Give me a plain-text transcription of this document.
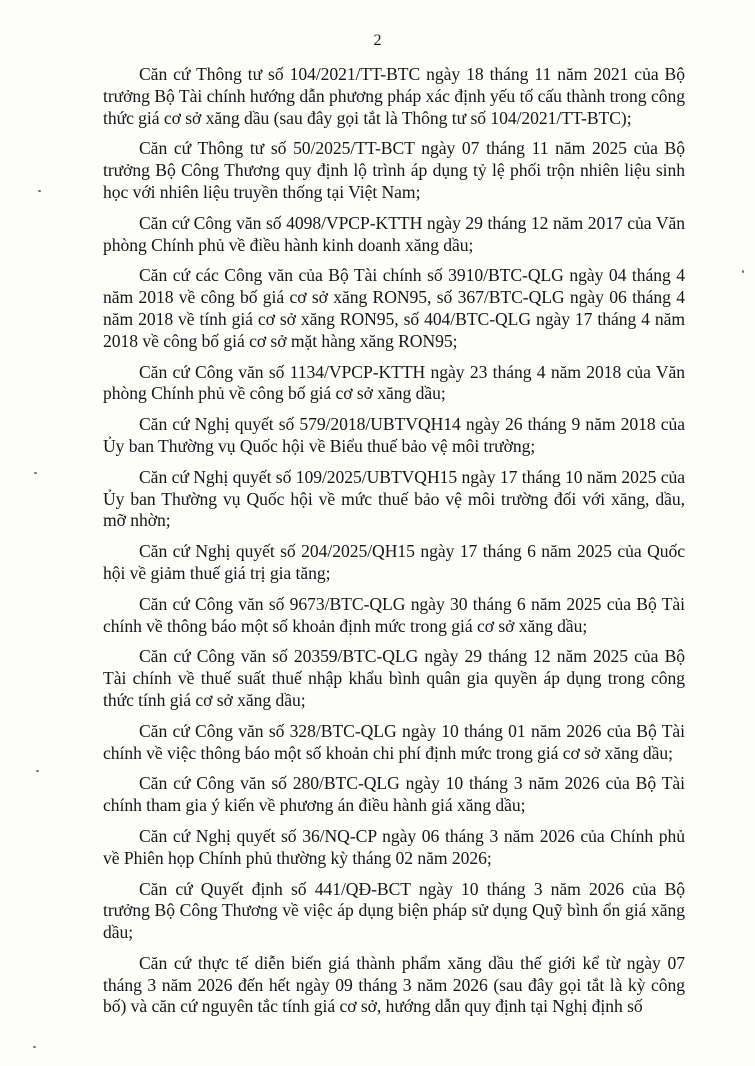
2

Căn cứ Thông tư số 104/2021/TT-BTC ngày 18 tháng 11 năm 2021 của Bộ trưởng Bộ Tài chính hướng dẫn phương pháp xác định yếu tố cấu thành trong công thức giá cơ sở xăng dầu (sau đây gọi tắt là Thông tư số 104/2021/TT-BTC);

Căn cứ Thông tư số 50/2025/TT-BCT ngày 07 tháng 11 năm 2025 của Bộ trưởng Bộ Công Thương quy định lộ trình áp dụng tỷ lệ phối trộn nhiên liệu sinh học với nhiên liệu truyền thống tại Việt Nam;

Căn cứ Công văn số 4098/VPCP-KTTH ngày 29 tháng 12 năm 2017 của Văn phòng Chính phủ về điều hành kinh doanh xăng dầu;

Căn cứ các Công văn của Bộ Tài chính số 3910/BTC-QLG ngày 04 tháng 4 năm 2018 về công bố giá cơ sở xăng RON95, số 367/BTC-QLG ngày 06 tháng 4 năm 2018 về tính giá cơ sở xăng RON95, số 404/BTC-QLG ngày 17 tháng 4 năm 2018 về công bố giá cơ sở mặt hàng xăng RON95;

Căn cứ Công văn số 1134/VPCP-KTTH ngày 23 tháng 4 năm 2018 của Văn phòng Chính phủ về công bố giá cơ sở xăng dầu;

Căn cứ Nghị quyết số 579/2018/UBTVQH14 ngày 26 tháng 9 năm 2018 của Ủy ban Thường vụ Quốc hội về Biểu thuế bảo vệ môi trường;

Căn cứ Nghị quyết số 109/2025/UBTVQH15 ngày 17 tháng 10 năm 2025 của Ủy ban Thường vụ Quốc hội về mức thuế bảo vệ môi trường đối với xăng, dầu, mỡ nhờn;

Căn cứ Nghị quyết số 204/2025/QH15 ngày 17 tháng 6 năm 2025 của Quốc hội về giảm thuế giá trị gia tăng;

Căn cứ Công văn số 9673/BTC-QLG ngày 30 tháng 6 năm 2025 của Bộ Tài chính về thông báo một số khoản định mức trong giá cơ sở xăng dầu;

Căn cứ Công văn số 20359/BTC-QLG ngày 29 tháng 12 năm 2025 của Bộ Tài chính về thuế suất thuế nhập khẩu bình quân gia quyền áp dụng trong công thức tính giá cơ sở xăng dầu;

Căn cứ Công văn số 328/BTC-QLG ngày 10 tháng 01 năm 2026 của Bộ Tài chính về việc thông báo một số khoản chi phí định mức trong giá cơ sở xăng dầu;

Căn cứ Công văn số 280/BTC-QLG ngày 10 tháng 3 năm 2026 của Bộ Tài chính tham gia ý kiến về phương án điều hành giá xăng dầu;

Căn cứ Nghị quyết số 36/NQ-CP ngày 06 tháng 3 năm 2026 của Chính phủ về Phiên họp Chính phủ thường kỳ tháng 02 năm 2026;

Căn cứ Quyết định số 441/QĐ-BCT ngày 10 tháng 3 năm 2026 của Bộ trưởng Bộ Công Thương về việc áp dụng biện pháp sử dụng Quỹ bình ổn giá xăng dầu;

Căn cứ thực tế diễn biến giá thành phẩm xăng dầu thế giới kể từ ngày 07 tháng 3 năm 2026 đến hết ngày 09 tháng 3 năm 2026 (sau đây gọi tắt là kỳ công bố) và căn cứ nguyên tắc tính giá cơ sở, hướng dẫn quy định tại Nghị định số
